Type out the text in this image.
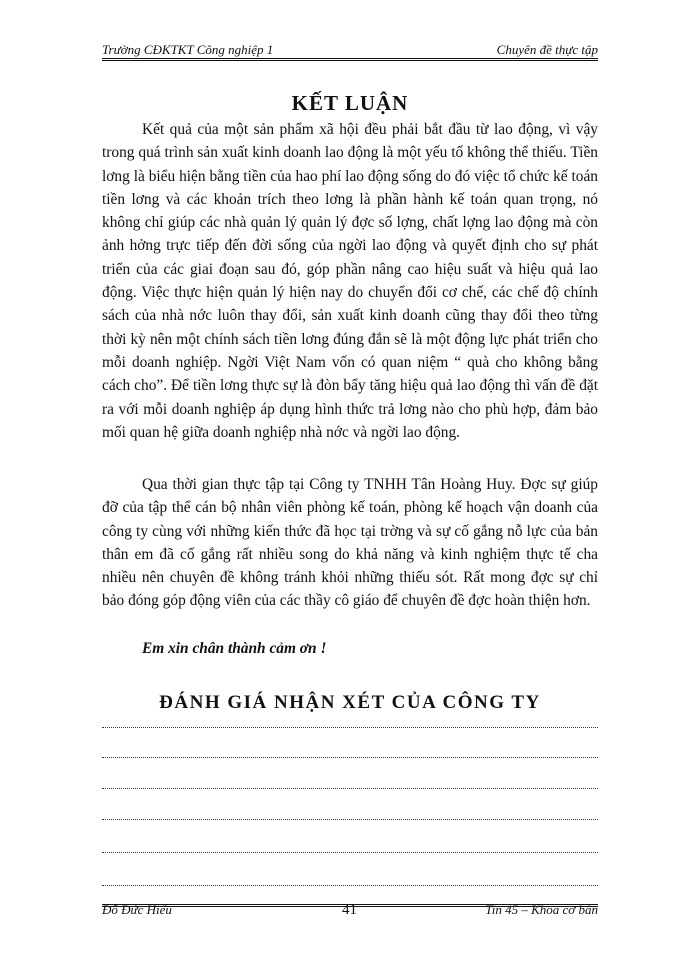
Trường CĐKTKT Công nghiệp 1	Chuyên đề thực tập
KẾT LUẬN

Kết quả của một sản phẩm xã hội đều phải bắt đầu từ lao động, vì vậy trong quá trình sản xuất kinh doanh lao động là một yếu tố không thể thiếu. Tiền lơng là biểu hiện bằng tiền của hao phí lao động sống do đó việc tổ chức kế toán tiền lơng và các khoản trích theo lơng là phần hành kế toán quan trọng, nó không chỉ giúp các nhà quản lý quản lý đợc số lợng, chất lợng lao động mà còn ảnh hởng trực tiếp đến đời sống của ngời lao động và quyết định cho sự phát triển của các giai đoạn sau đó, góp phần nâng cao hiệu suất và hiệu quả lao động. Việc thực hiện quản lý hiện nay do chuyển đổi cơ chế, các chế độ chính sách của nhà nớc luôn thay đổi, sản xuất kinh doanh cũng thay đổi theo từng thời kỳ nên một chính sách tiền lơng đúng đắn sẽ là một động lực phát triển cho mỗi doanh nghiệp. Ngời Việt Nam vốn có quan niệm “ quà cho không bằng cách cho”. Để tiền lơng thực sự là đòn bẩy tăng hiệu quả lao động thì vấn đề đặt ra với mỗi doanh nghiệp áp dụng hình thức trả lơng nào cho phù hợp, đảm bảo mối quan hệ giữa doanh nghiệp nhà nớc và ngời lao động.

Qua thời gian thực tập tại Công ty TNHH Tân Hoàng Huy. Đợc sự giúp đỡ của tập thể cán bộ nhân viên phòng kế toán, phòng kế hoạch vận doanh của công ty cùng với những kiến thức đã học tại trờng và sự cố gắng nỗ lực của bản thân em đã cố gắng rất nhiều song do khả năng và kinh nghiệm thực tế cha nhiều nên chuyên đề không tránh khỏi những thiếu sót. Rất mong đợc sự chỉ bảo đóng góp động viên của các thầy cô giáo để chuyên đề đợc hoàn thiện hơn.

Em xin chân thành cảm ơn !
ĐÁNH GIÁ NHẬN XÉT CỦA CÔNG TY
Đỗ Đức Hiếu	41	Tin 45 – Khoa cơ bản
